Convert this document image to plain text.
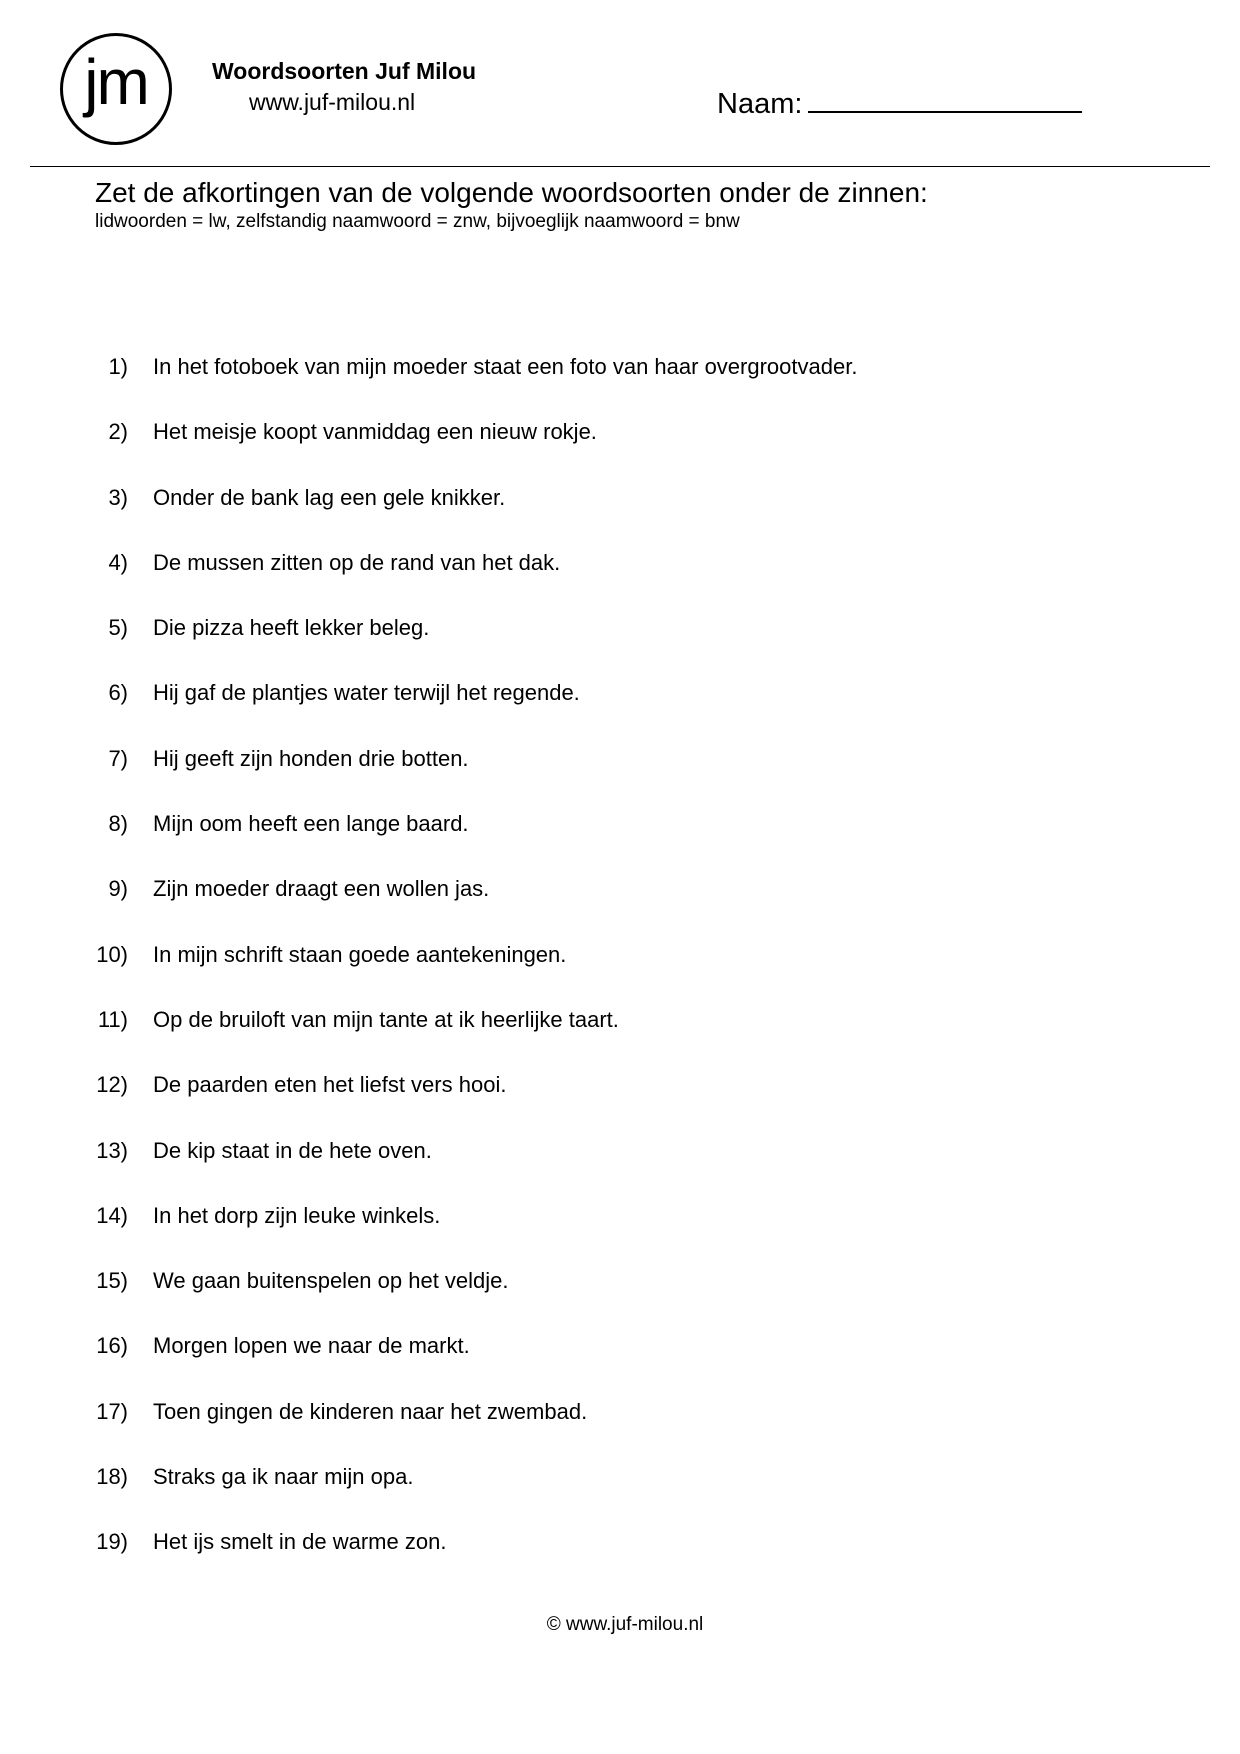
jm	Woordsoorten Juf Milou
www.juf-milou.nl	Naam:
Zet de afkortingen van de volgende woordsoorten onder de zinnen:
lidwoorden = lw, zelfstandig naamwoord = znw, bijvoeglijk naamwoord = bnw
1) In het fotoboek van mijn moeder staat een foto van haar overgrootvader.
2) Het meisje koopt vanmiddag een nieuw rokje.
3) Onder de bank lag een gele knikker.
4) De mussen zitten op de rand van het dak.
5) Die pizza heeft lekker beleg.
6) Hij gaf de plantjes water terwijl het regende.
7) Hij geeft zijn honden drie botten.
8) Mijn oom heeft een lange baard.
9) Zijn moeder draagt een wollen jas.
10) In mijn schrift staan goede aantekeningen.
11) Op de bruiloft van mijn tante at ik heerlijke taart.
12) De paarden eten het liefst vers hooi.
13) De kip staat in de hete oven.
14) In het dorp zijn leuke winkels.
15) We gaan buitenspelen op het veldje.
16) Morgen lopen we naar de markt.
17) Toen gingen de kinderen naar het zwembad.
18) Straks ga ik naar mijn opa.
19) Het ijs smelt in de warme zon.
© www.juf-milou.nl
